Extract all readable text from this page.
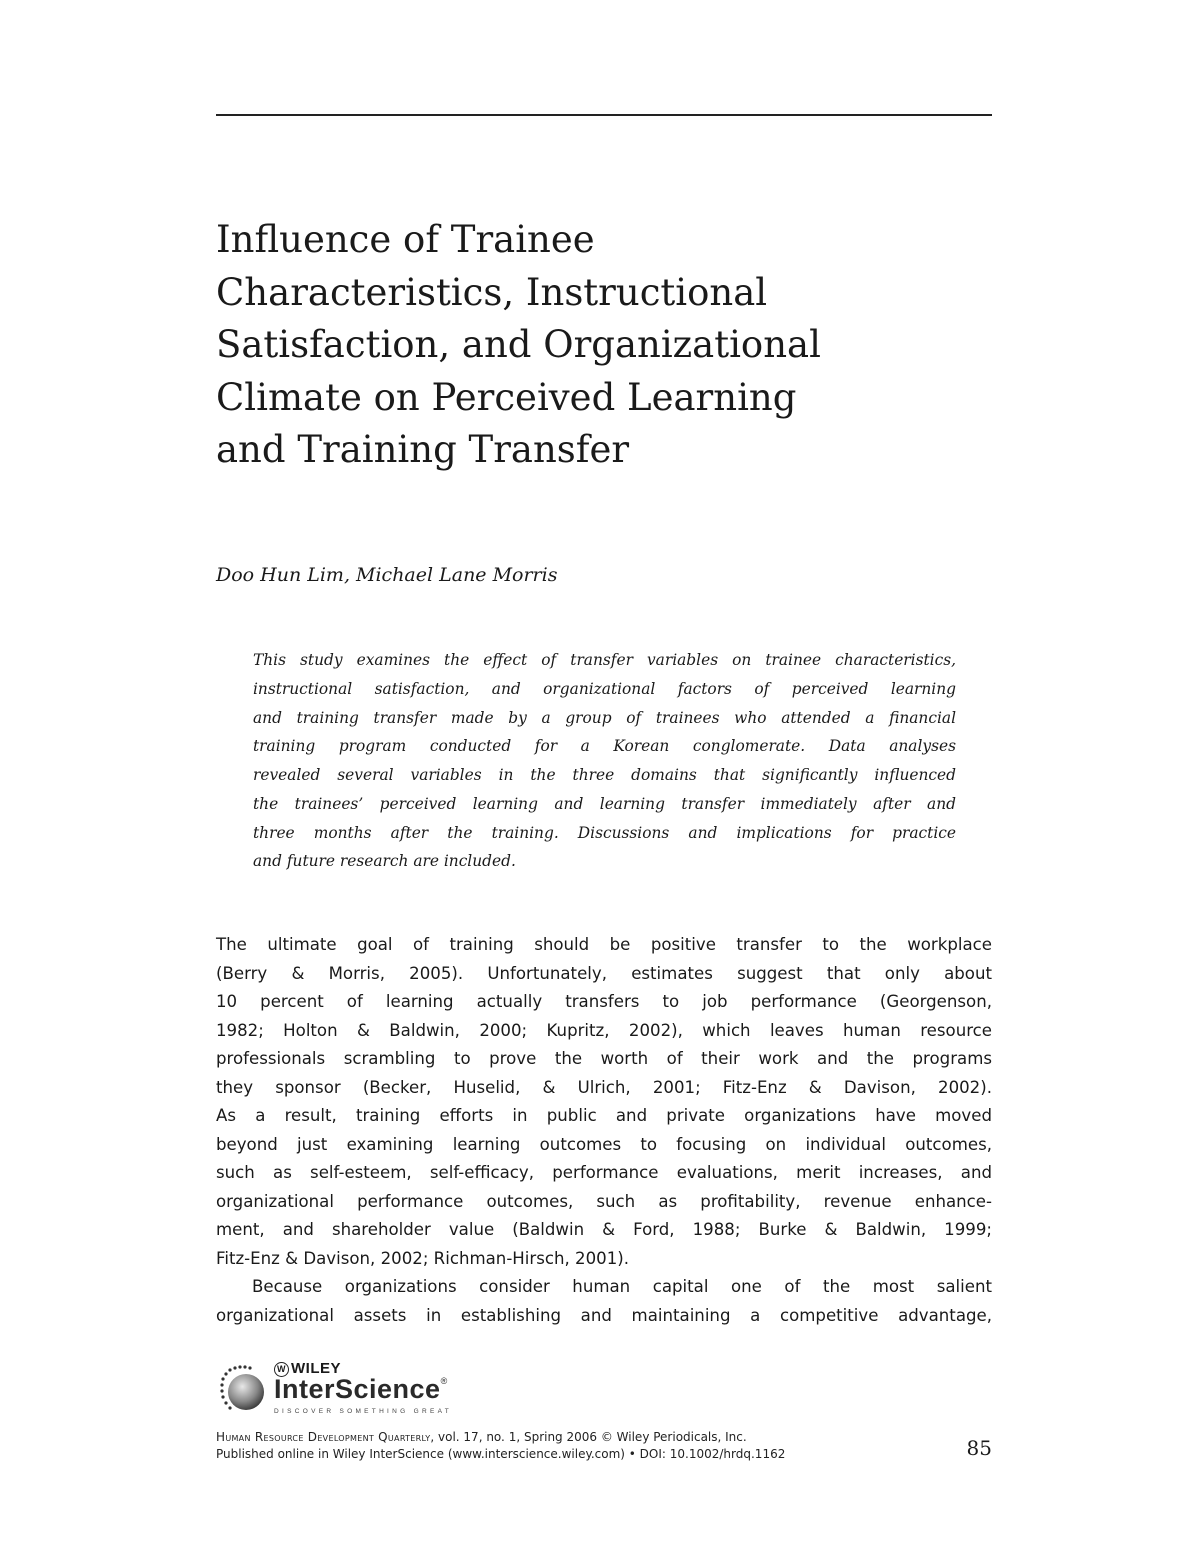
Influence of Trainee
Characteristics, Instructional
Satisfaction, and Organizational
Climate on Perceived Learning
and Training Transfer
Doo Hun Lim, Michael Lane Morris
This study examines the effect of transfer variables on trainee characteristics,
instructional satisfaction, and organizational factors of perceived learning
and training transfer made by a group of trainees who attended a financial
training program conducted for a Korean conglomerate. Data analyses
revealed several variables in the three domains that significantly influenced
the trainees’ perceived learning and learning transfer immediately after and
three months after the training. Discussions and implications for practice
and future research are included.
The ultimate goal of training should be positive transfer to the workplace
(Berry & Morris, 2005). Unfortunately, estimates suggest that only about
10 percent of learning actually transfers to job performance (Georgenson,
1982; Holton & Baldwin, 2000; Kupritz, 2002), which leaves human resource
professionals scrambling to prove the worth of their work and the programs
they sponsor (Becker, Huselid, & Ulrich, 2001; Fitz-Enz & Davison, 2002).
As a result, training efforts in public and private organizations have moved
beyond just examining learning outcomes to focusing on individual outcomes,
such as self-esteem, self-efficacy, performance evaluations, merit increases, and
organizational performance outcomes, such as profitability, revenue enhance-
ment, and shareholder value (Baldwin & Ford, 1988; Burke & Baldwin, 1999;
Fitz-Enz & Davison, 2002; Richman-Hirsch, 2001).
Because organizations consider human capital one of the most salient
organizational assets in establishing and maintaining a competitive advantage,
W WILEY
InterScience®
DISCOVER SOMETHING GREAT
Human Resource Development Quarterly, vol. 17, no. 1, Spring 2006 © Wiley Periodicals, Inc.
Published online in Wiley InterScience (www.interscience.wiley.com) • DOI: 10.1002/hrdq.1162	85
